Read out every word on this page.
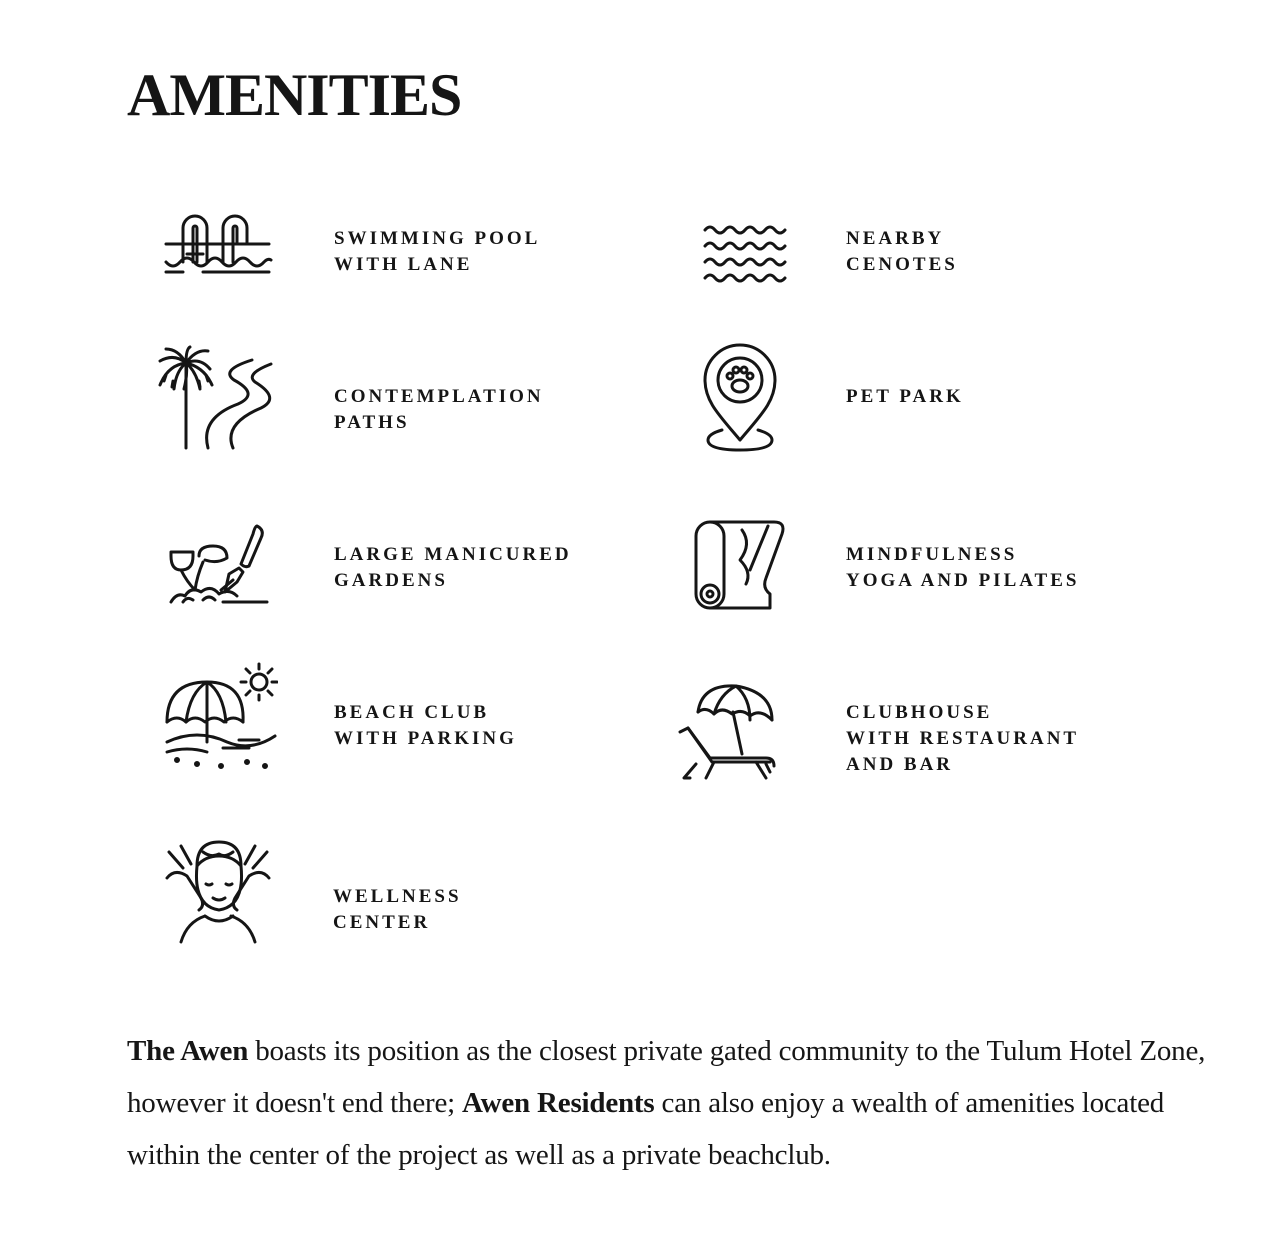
AMENITIES
SWIMMING POOL
WITH LANE
NEARBY
CENOTES
CONTEMPLATION
PATHS
PET PARK
LARGE MANICURED
GARDENS
MINDFULNESS
YOGA AND PILATES
BEACH CLUB
WITH PARKING
CLUBHOUSE
WITH RESTAURANT
AND BAR
WELLNESS
CENTER

The Awen boasts its position as the closest private gated community to the Tulum Hotel Zone, however it doesn't end there; Awen Residents can also enjoy a wealth of amenities located within the center of the project as well as a private beachclub.
